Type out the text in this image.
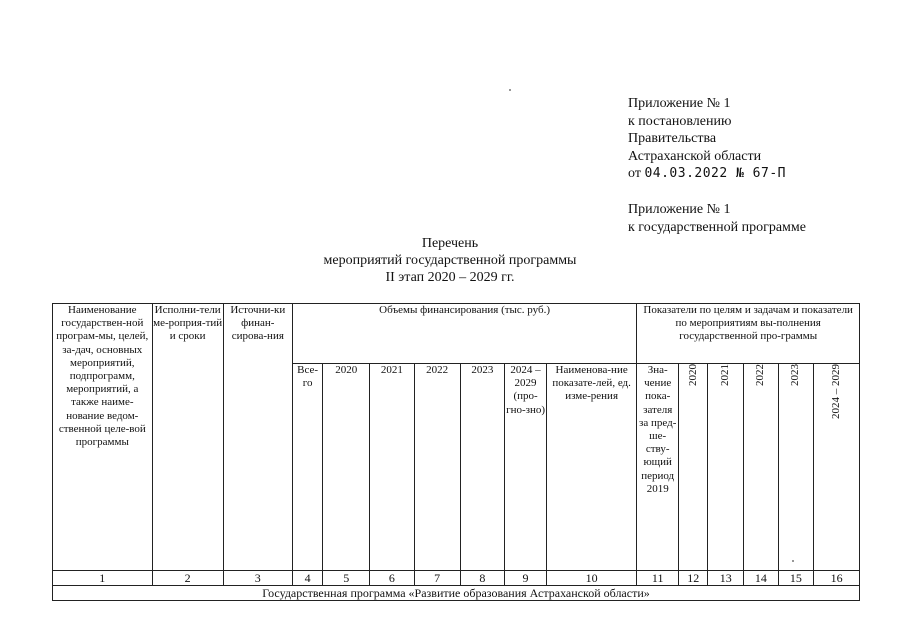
Приложение № 1
к постановлению
Правительства
Астраханской области
от 04.03.2022 № 67-П
Приложение № 1
к государственной программе
Перечень
мероприятий государственной программы
II этап 2020 – 2029 гг.
Наименование государствен-ной програм-мы, целей, за-дач, основных мероприятий, подпрограмм, мероприятий, а также наиме-нование ведом-ственной целе-вой программы	Исполни-тели ме-роприя-тий и сроки	Источни-ки финан-сирова-ния	Объемы финансирования (тыс. руб.)							Показатели по целям и задачам и показатели по мероприятиям вы-полнения государственной про-граммы					
			Все-го	2020	2021	2022	2023	2024 – 2029 (про-гно-зно)	Наименова-ние показате-лей, ед. изме-рения	Зна-чение пока-зателя за пред-ше-ству-ющий период 2019	2020	2021	2022	2023	2024 – 2029
1	2	3	4	5	6	7	8	9	10	11	12	13	14	15	16
Государственная программа «Развитие образования Астраханской области»															
